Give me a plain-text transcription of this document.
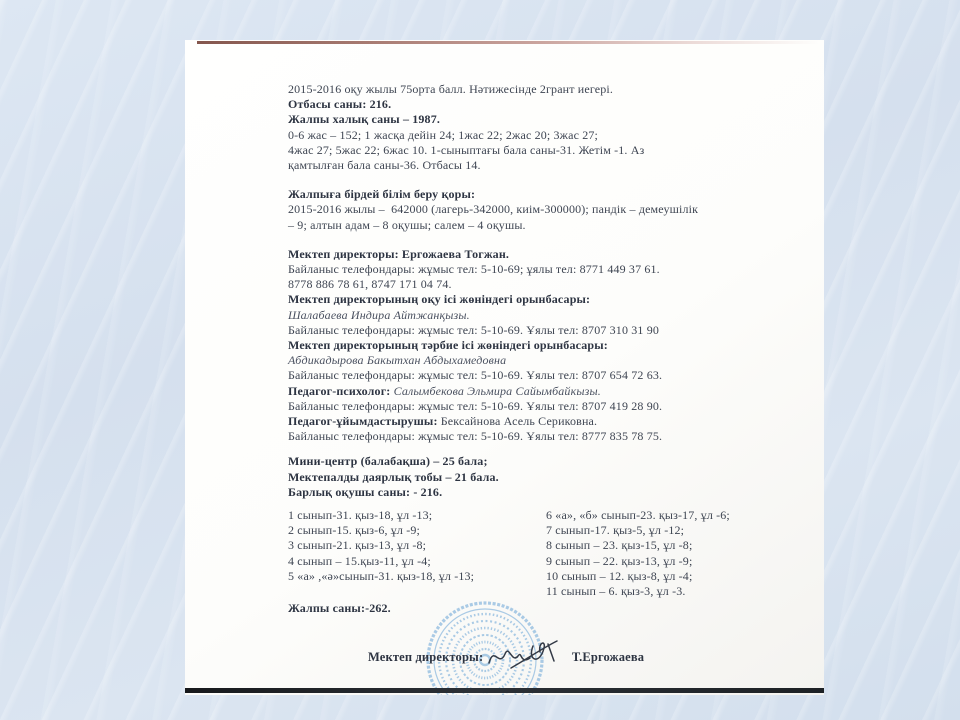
2015-2016 оқу жылы 75орта балл. Нәтижесінде 2грант иегері.
Отбасы саны: 216.
Жалпы халық саны – 1987.
0-6 жас – 152; 1 жасқа дейін 24; 1жас 22; 2жас 20; 3жас 27;
4жас 27; 5жас 22; 6жас 10. 1-сыныптағы бала саны-31. Жетім -1. Аз
қамтылған бала саны-36. Отбасы 14.
Жалпыға бірдей білім беру қоры:
2015-2016 жылы –  642000 (лагерь-342000, киім-300000); пандік – демеушілік
– 9; алтын адам – 8 оқушы; салем – 4 оқушы.
Мектеп директоры: Ергожаева Тогжан.
Байланыс телефондары: жұмыс тел: 5-10-69; ұялы тел: 8771 449 37 61.
8778 886 78 61, 8747 171 04 74.
Мектеп директорының оқу ісі жөніндегі орынбасары:
Шалабаева Индира Айтжанқызы.
Байланыс телефондары: жұмыс тел: 5-10-69. Ұялы тел: 8707 310 31 90
Мектеп директорының тәрбие ісі жөніндегі орынбасары:
Абдикадырова Бакытхан Абдыхамедовна
Байланыс телефондары: жұмыс тел: 5-10-69. Ұялы тел: 8707 654 72 63.
Педагог-психолог: Салымбекова Эльмира Сайымбайкызы.
Байланыс телефондары: жұмыс тел: 5-10-69. Ұялы тел: 8707 419 28 90.
Педагог-ұйымдастырушы: Бексайнова Асель Сериковна.
Байланыс телефондары: жұмыс тел: 5-10-69. Ұялы тел: 8777 835 78 75.
Мини-центр (балабақша) – 25 бала;
Мектепалды даярлық тобы – 21 бала.
Барлық оқушы саны: - 216.
1 сынып-31. қыз-18, ұл -13;
2 сынып-15. қыз-6, ұл -9;
3 сынып-21. қыз-13, ұл -8;
4 сынып – 15.қыз-11, ұл -4;
5 «а» ,«ә»сынып-31. қыз-18, ұл -13;
6 «а», «б» сынып-23. қыз-17, ұл -6;
7 сынып-17. қыз-5, ұл -12;
8 сынып – 23. қыз-15, ұл -8;
9 сынып – 22. қыз-13, ұл -9;
10 сынып – 12. қыз-8, ұл -4;
11 сынып – 6. қыз-3, ұл -3.
Жалпы саны:-262.
Мектеп директоры:	Т.Ергожаева
